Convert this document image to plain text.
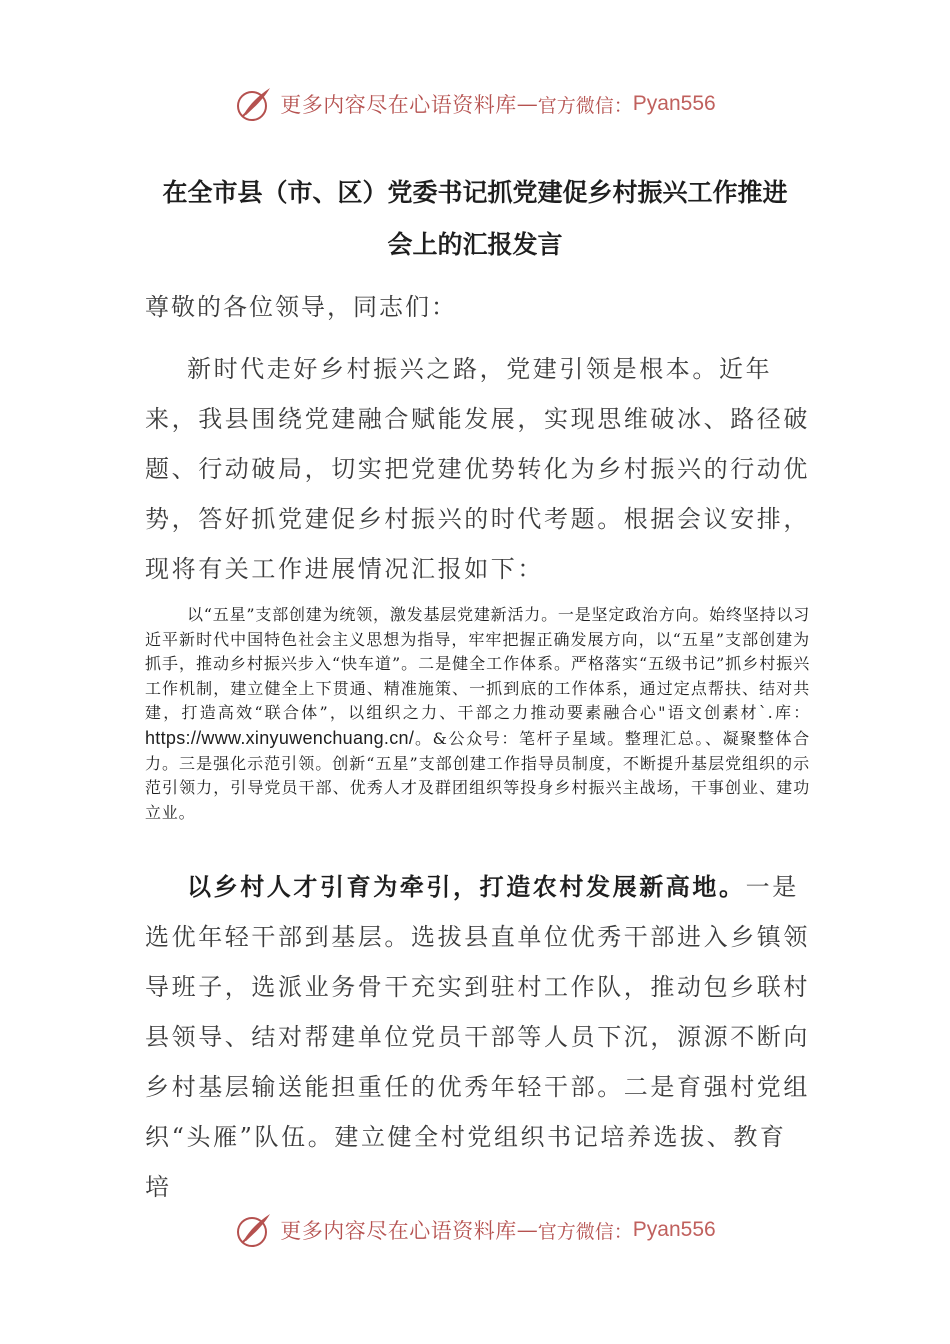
更多内容尽在心语资料库 — 官方微信： Pyan556
在全市县（市、区）党委书记抓党建促乡村振兴工作推进
会上的汇报发言

尊敬的各位领导，同志们：

新时代走好乡村振兴之路，党建引领是根本。近年来，我县围绕党建融合赋能发展，实现思维破冰、路径破题、行动破局，切实把党建优势转化为乡村振兴的行动优势，答好抓党建促乡村振兴的时代考题。根据会议安排，现将有关工作进展情况汇报如下：

以“五星”支部创建为统领，激发基层党建新活力。一是坚定政治方向。始终坚持以习近平新时代中国特色社会主义思想为指导，牢牢把握正确发展方向，以“五星”支部创建为抓手，推动乡村振兴步入“快车道”。二是健全工作体系。严格落实“五级书记”抓乡村振兴工作机制，建立健全上下贯通、精准施策、一抓到底的工作体系，通过定点帮扶、结对共建，打造高效“联合体”，以组织之力、干部之力推动要素融合心"语文创素材`.库：https://www.xinyuwenchuang.cn/。&公众号：笔杆子星域。整理汇总。、凝聚整体合力。三是强化示范引领。创新“五星”支部创建工作指导员制度，不断提升基层党组织的示范引领力，引导党员干部、优秀人才及群团组织等投身乡村振兴主战场，干事创业、建功立业。

以乡村人才引育为牵引，打造农村发展新高地。一是选优年轻干部到基层。选拔县直单位优秀干部进入乡镇领导班子，选派业务骨干充实到驻村工作队，推动包乡联村县领导、结对帮建单位党员干部等人员下沉，源源不断向乡村基层输送能担重任的优秀年轻干部。二是育强村党组织“头雁”队伍。建立健全村党组织书记培养选拔、教育培

更多内容尽在心语资料库 — 官方微信： Pyan556
